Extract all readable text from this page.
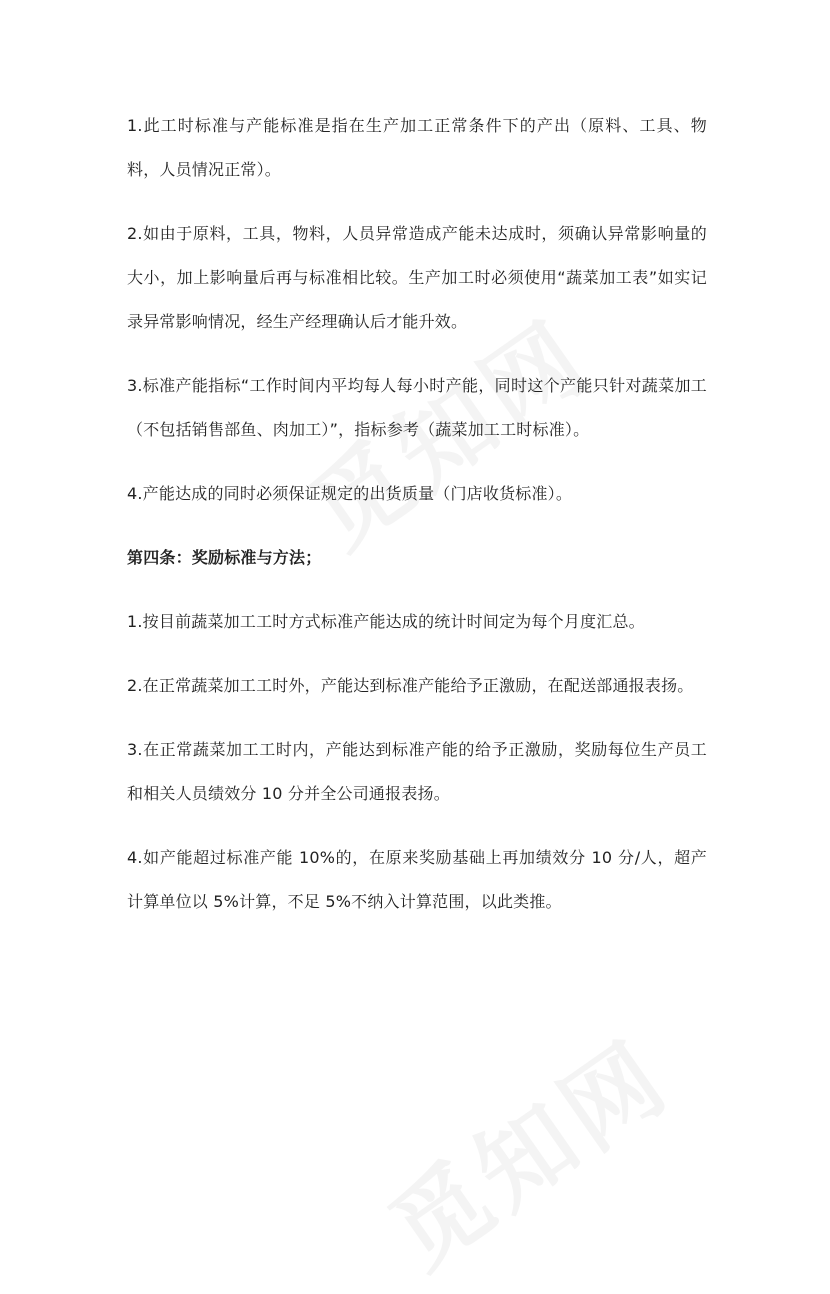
1.此工时标准与产能标准是指在生产加工正常条件下的产出（原料、工具、物料，人员情况正常）。

2.如由于原料，工具，物料，人员异常造成产能未达成时，须确认异常影响量的大小，加上影响量后再与标准相比较。生产加工时必须使用“蔬菜加工表”如实记录异常影响情况，经生产经理确认后才能升效。

3.标准产能指标“工作时间内平均每人每小时产能，同时这个产能只针对蔬菜加工（不包括销售部鱼、肉加工）”，指标参考（蔬菜加工工时标准）。

4.产能达成的同时必须保证规定的出货质量（门店收货标准）。

第四条：奖励标准与方法；

1.按目前蔬菜加工工时方式标准产能达成的统计时间定为每个月度汇总。

2.在正常蔬菜加工工时外，产能达到标准产能给予正激励，在配送部通报表扬。

3.在正常蔬菜加工工时内，产能达到标准产能的给予正激励，奖励每位生产员工和相关人员绩效分 10 分并全公司通报表扬。

4.如产能超过标准产能 10%的，在原来奖励基础上再加绩效分 10 分/人，超产计算单位以 5%计算，不足 5%不纳入计算范围，以此类推。
